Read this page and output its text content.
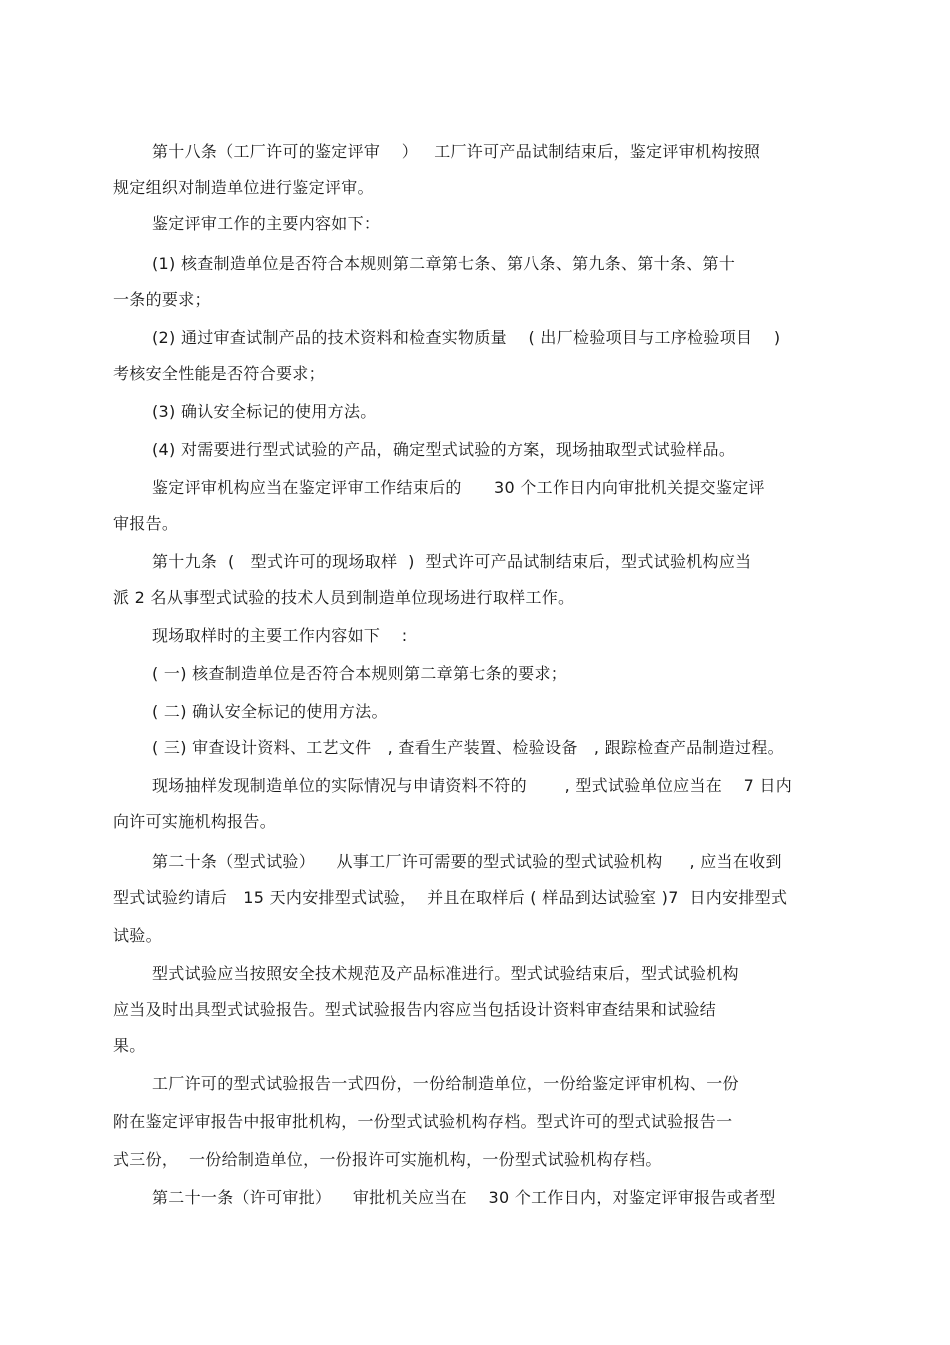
第十八条（工厂许可的鉴定评审    ）   工厂许可产品试制结束后，鉴定评审机构按照
规定组织对制造单位进行鉴定评审。
鉴定评审工作的主要内容如下：
(1) 核查制造单位是否符合本规则第二章第七条、第八条、第九条、第十条、第十
一条的要求；
(2) 通过审查试制产品的技术资料和检查实物质量    ( 出厂检验项目与工序检验项目    )
考核安全性能是否符合要求；
(3) 确认安全标记的使用方法。
(4) 对需要进行型式试验的产品，确定型式试验的方案，现场抽取型式试验样品。
鉴定评审机构应当在鉴定评审工作结束后的      30 个工作日内向审批机关提交鉴定评
审报告。
第十九条  (   型式许可的现场取样  )  型式许可产品试制结束后，型式试验机构应当
派 2 名从事型式试验的技术人员到制造单位现场进行取样工作。
现场取样时的主要工作内容如下    :
( 一) 核查制造单位是否符合本规则第二章第七条的要求；
( 二) 确认安全标记的使用方法。
( 三) 审查设计资料、工艺文件   , 查看生产装置、检验设备   , 跟踪检查产品制造过程。
现场抽样发现制造单位的实际情况与申请资料不符的       , 型式试验单位应当在    7 日内
向许可实施机构报告。
第二十条（型式试验）    从事工厂许可需要的型式试验的型式试验机构     , 应当在收到
型式试验约请后   15 天内安排型式试验，  并且在取样后 ( 样品到达试验室 )7  日内安排型式
试验。
型式试验应当按照安全技术规范及产品标准进行。型式试验结束后，型式试验机构
应当及时出具型式试验报告。型式试验报告内容应当包括设计资料审查结果和试验结
果。
工厂许可的型式试验报告一式四份，一份给制造单位，一份给鉴定评审机构、一份
附在鉴定评审报告中报审批机构，一份型式试验机构存档。型式许可的型式试验报告一
式三份，  一份给制造单位，一份报许可实施机构，一份型式试验机构存档。
第二十一条（许可审批）    审批机关应当在    30 个工作日内，对鉴定评审报告或者型
